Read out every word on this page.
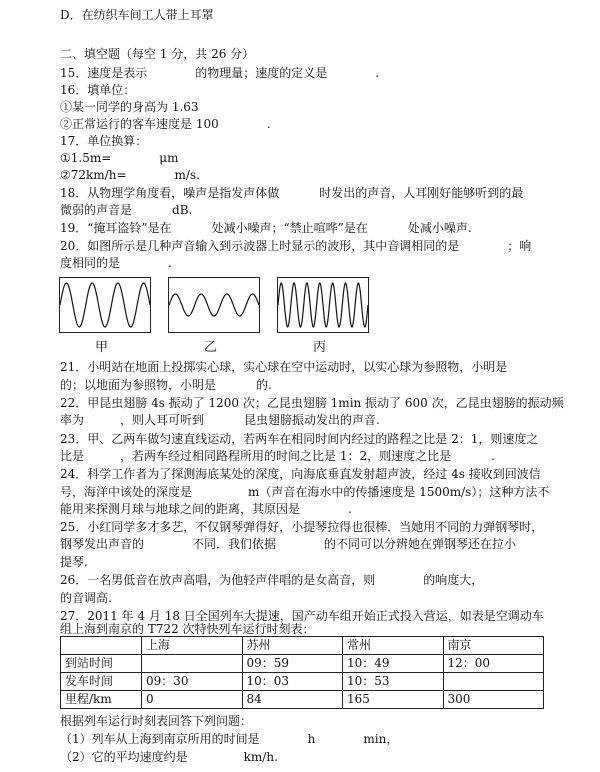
D．在纺织车间工人带上耳罩
二、填空题（每空 1 分，共 26 分）
15．速度是表示	的物理量；速度的定义是	.
16．填单位：
①某一同学的身高为 1.63
②正常运行的客车速度是 100	.
17．单位换算：
①1.5m=	μm
②72km/h=	m/s.
18．从物理学角度看，噪声是指发声体做	时发出的声音，人耳刚好能够听到的最
微弱的声音是	dB.
19．“掩耳盗铃”是在	处减小噪声；“禁止喧哗”是在	处减小噪声.
20．如图所示是几种声音输入到示波器上时显示的波形，其中音调相同的是	；响
度相同的是	.
甲	乙	丙
21．小明站在地面上投掷实心球，实心球在空中运动时，以实心球为参照物，小明是
的；以地面为参照物，小明是	的.
22．甲昆虫翅膀 4s 振动了 1200 次；乙昆虫翅膀 1min 振动了 600 次，乙昆虫翅膀的振动频
率为	，则人耳可听到	昆虫翅膀振动发出的声音.
23．甲、乙两车做匀速直线运动，若两车在相同时间内经过的路程之比是 2：1，则速度之
比是	，若两车经过相同路程所用的时间之比是 1：2，则速度之比是	.
24．科学工作者为了探测海底某处的深度，向海底垂直发射超声波，经过 4s 接收到回波信
号，海洋中该处的深度是	m（声音在海水中的传播速度是 1500m/s）；这种方法不
能用来探测月球与地球之间的距离，其原因是	.
25．小红同学多才多艺，不仅钢琴弹得好，小提琴拉得也很棒．当她用不同的力弹钢琴时，
钢琴发出声音的	不同．我们依据	的不同可以分辨她在弹钢琴还在拉小
提琴.
26．一名男低音在放声高唱，为他轻声伴唱的是女高音，则	的响度大，
的音调高.
27．2011 年 4 月 18 日全国列车大提速，国产动车组开始正式投入营运，如表是空调动车
组上海到南京的 T722 次特快列车运行时刻表：
	上海	苏州	常州	南京
到站时间		09：59	10：49	12：00
发车时间	09：30	10：03	10：53	
里程/km	0	84	165	300
根据列车运行时刻表回答下列问题：
（1）列车从上海到南京所用的时间是	h	min，
（2）它的平均速度约是	km/h.
